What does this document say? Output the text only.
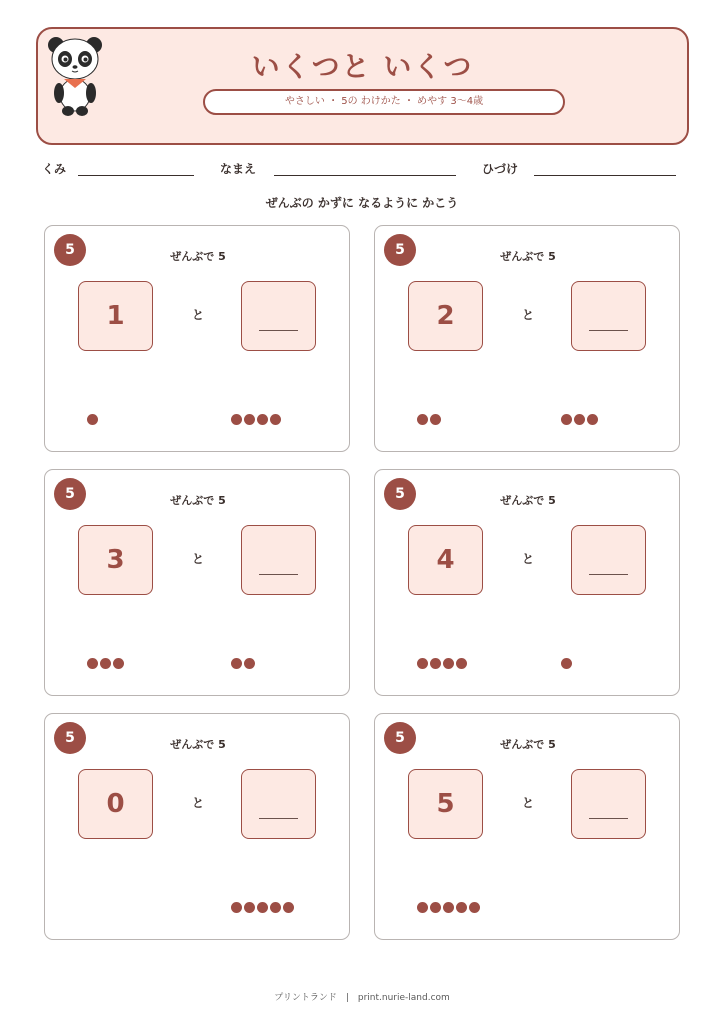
いくつと いくつ
やさしい ・ 5の わけかた ・ めやす 3〜4歳
くみ	なまえ	ひづけ
ぜんぶの かずに なるように かこう
5	ぜんぶで 5
1	と
5	ぜんぶで 5
2	と
5	ぜんぶで 5
3	と
5	ぜんぶで 5
4	と
5	ぜんぶで 5
0	と
5	ぜんぶで 5
5	と
プリントランド　|　print.nurie-land.com
